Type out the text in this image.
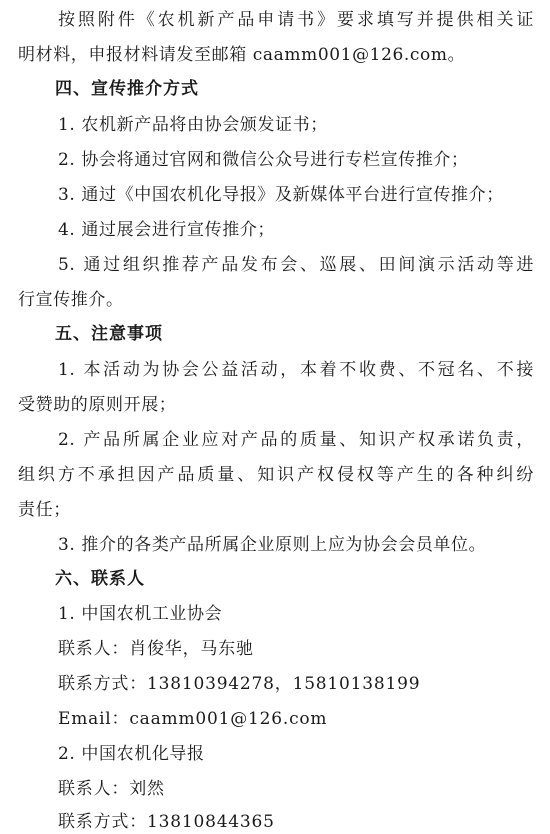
按照附件《农机新产品申请书》要求填写并提供相关证
明材料，申报材料请发至邮箱 caamm001@126.com。
四、宣传推介方式
1. 农机新产品将由协会颁发证书；
2. 协会将通过官网和微信公众号进行专栏宣传推介；
3. 通过《中国农机化导报》及新媒体平台进行宣传推介；
4. 通过展会进行宣传推介；
5. 通过组织推荐产品发布会、巡展、田间演示活动等进
行宣传推介。
五、注意事项
1. 本活动为协会公益活动，本着不收费、不冠名、不接
受赞助的原则开展；
2. 产品所属企业应对产品的质量、知识产权承诺负责，
组织方不承担因产品质量、知识产权侵权等产生的各种纠纷
责任；
3. 推介的各类产品所属企业原则上应为协会会员单位。
六、联系人
1. 中国农机工业协会
联系人：肖俊华，马东驰
联系方式：13810394278，15810138199
Email：caamm001@126.com
2. 中国农机化导报
联系人：刘然
联系方式：13810844365
